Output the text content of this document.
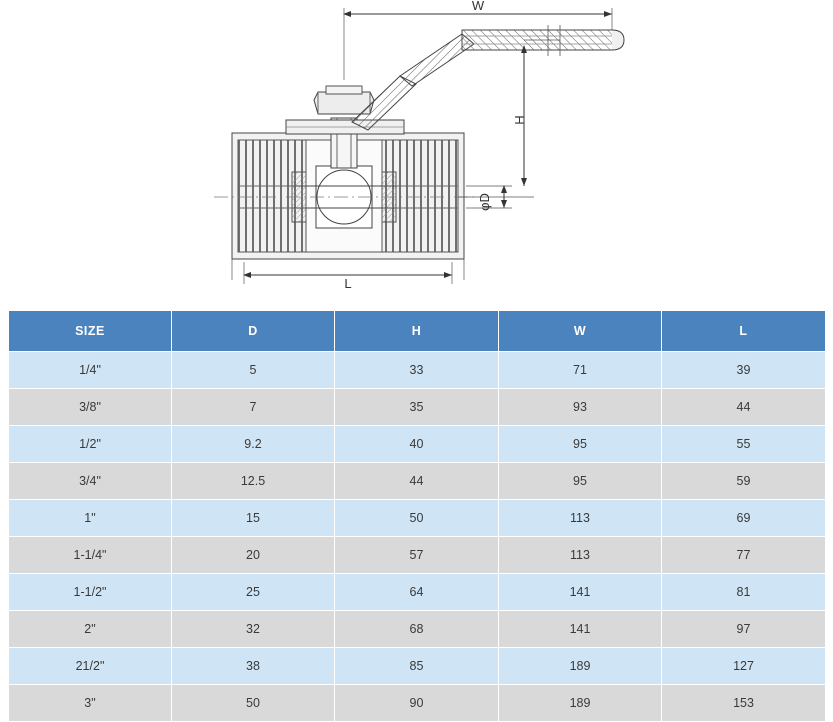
W
H
φD
L
SIZE	D	H	W	L
1/4"	5	33	71	39
3/8"	7	35	93	44
1/2"	9.2	40	95	55
3/4"	12.5	44	95	59
1"	15	50	113	69
1-1/4"	20	57	113	77
1-1/2"	25	64	141	81
2"	32	68	141	97
21/2"	38	85	189	127
3"	50	90	189	153
